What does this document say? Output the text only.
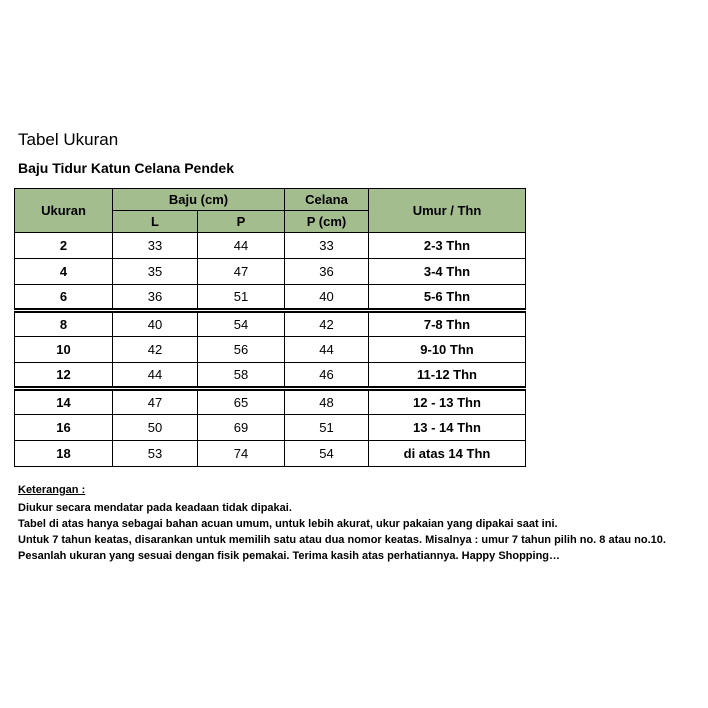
Tabel Ukuran
Baju Tidur Katun Celana Pendek
Ukuran	Baju (cm)		Celana	Umur / Thn
	L	P	P (cm)	
2	33	44	33	2-3 Thn
4	35	47	36	3-4 Thn
6	36	51	40	5-6 Thn
8	40	54	42	7-8 Thn
10	42	56	44	9-10 Thn
12	44	58	46	11-12 Thn
14	47	65	48	12 - 13 Thn
16	50	69	51	13 - 14 Thn
18	53	74	54	di atas 14 Thn

Keterangan :

Diukur secara mendatar pada keadaan tidak dipakai.

Tabel di atas hanya sebagai bahan acuan umum, untuk lebih akurat, ukur pakaian yang dipakai saat ini.

Untuk 7 tahun keatas, disarankan untuk memilih satu atau dua nomor keatas. Misalnya : umur 7 tahun pilih no. 8 atau no.10.

Pesanlah ukuran yang sesuai dengan fisik pemakai. Terima kasih atas perhatiannya. Happy Shopping…
